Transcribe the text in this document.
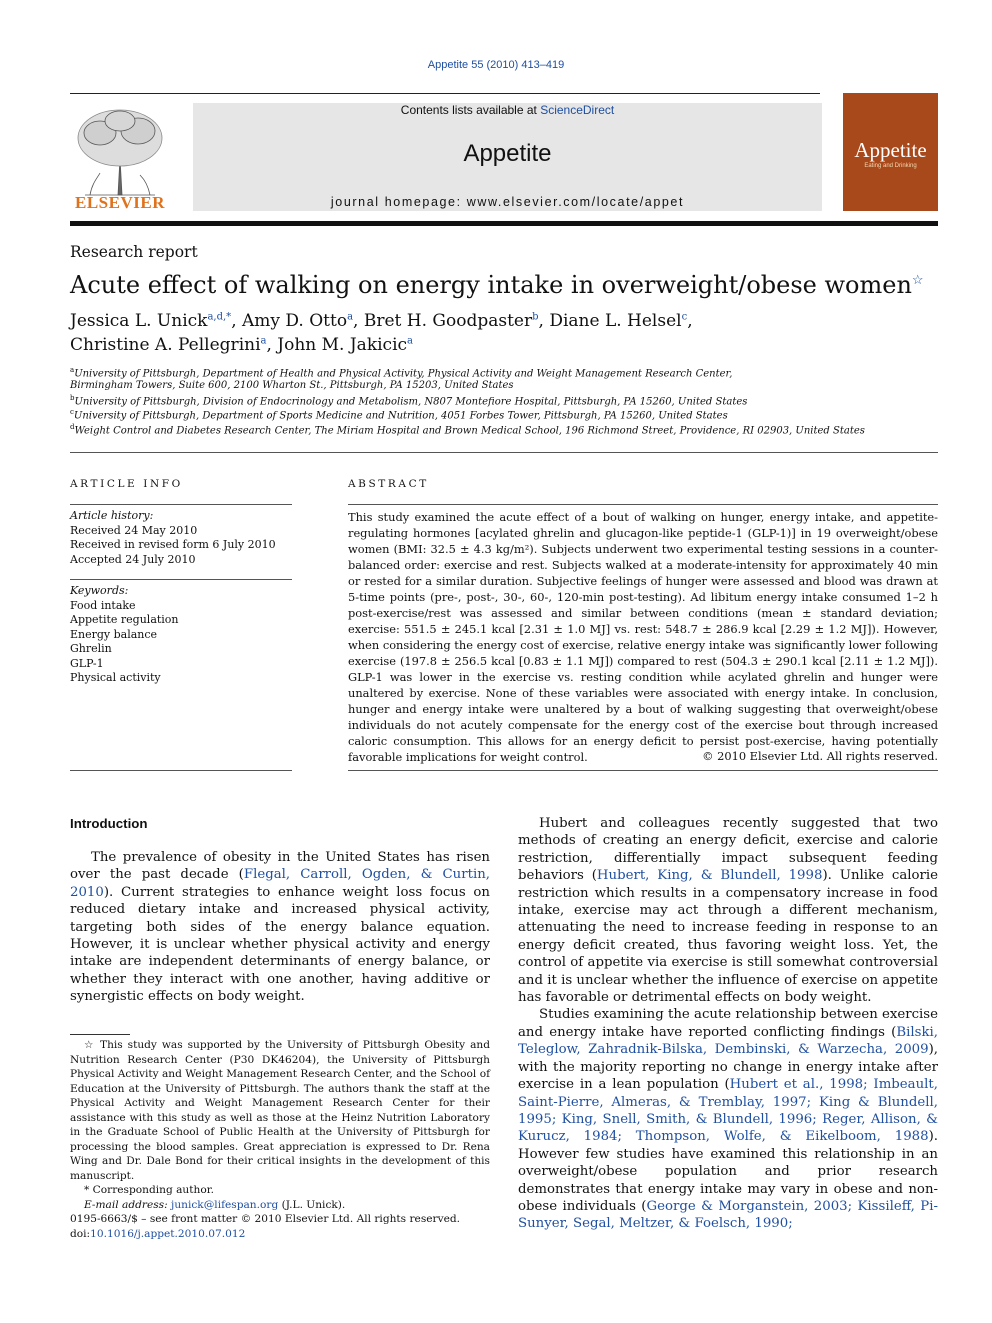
Appetite 55 (2010) 413–419
Contents lists available at ScienceDirect
Appetite
journal homepage: www.elsevier.com/locate/appet
ELSEVIER
Appetite
Eating and Drinking
Research report
Acute effect of walking on energy intake in overweight/obese women☆
Jessica L. Unick$^{a,d,*}$, Amy D. Otto$^a$, Bret H. Goodpaster$^b$, Diane L. Helsel$^c$,
Christine A. Pellegrini$^a$, John M. Jakicic$^a$
$^a$University of Pittsburgh, Department of Health and Physical Activity, Physical Activity and Weight Management Research Center,
Birmingham Towers, Suite 600, 2100 Wharton St., Pittsburgh, PA 15203, United States
$^b$University of Pittsburgh, Division of Endocrinology and Metabolism, N807 Montefiore Hospital, Pittsburgh, PA 15260, United States
$^c$University of Pittsburgh, Department of Sports Medicine and Nutrition, 4051 Forbes Tower, Pittsburgh, PA 15260, United States
$^d$Weight Control and Diabetes Research Center, The Miriam Hospital and Brown Medical School, 196 Richmond Street, Providence, RI 02903, United States
ARTICLE INFO
Article history:
Received 24 May 2010
Received in revised form 6 July 2010
Accepted 24 July 2010
Keywords:
Food intake
Appetite regulation
Energy balance
Ghrelin
GLP-1
Physical activity
ABSTRACT
This study examined the acute effect of a bout of walking on hunger, energy intake, and appetite-regulating hormones [acylated ghrelin and glucagon-like peptide-1 (GLP-1)] in 19 overweight/obese women (BMI: 32.5 ± 4.3 kg/m²). Subjects underwent two experimental testing sessions in a counter-balanced order: exercise and rest. Subjects walked at a moderate-intensity for approximately 40 min or rested for a similar duration. Subjective feelings of hunger were assessed and blood was drawn at 5-time points (pre-, post-, 30-, 60-, 120-min post-testing). Ad libitum energy intake consumed 1–2 h post-exercise/rest was assessed and similar between conditions (mean ± standard deviation; exercise: 551.5 ± 245.1 kcal [2.31 ± 1.0 MJ] vs. rest: 548.7 ± 286.9 kcal [2.29 ± 1.2 MJ]). However, when considering the energy cost of exercise, relative energy intake was significantly lower following exercise (197.8 ± 256.5 kcal [0.83 ± 1.1 MJ]) compared to rest (504.3 ± 290.1 kcal [2.11 ± 1.2 MJ]). GLP-1 was lower in the exercise vs. resting condition while acylated ghrelin and hunger were unaltered by exercise. None of these variables were associated with energy intake. In conclusion, hunger and energy intake were unaltered by a bout of walking suggesting that overweight/obese individuals do not acutely compensate for the energy cost of the exercise bout through increased caloric consumption. This allows for an energy deficit to persist post-exercise, having potentially favorable implications for weight control.	© 2010 Elsevier Ltd. All rights reserved.
Introduction
The prevalence of obesity in the United States has risen over the past decade (Flegal, Carroll, Ogden, & Curtin, 2010). Current strategies to enhance weight loss focus on reduced dietary intake and increased physical activity, targeting both sides of the energy balance equation. However, it is unclear whether physical activity and energy intake are independent determinants of energy balance, or whether they interact with one another, having additive or synergistic effects on body weight.

Hubert and colleagues recently suggested that two methods of creating an energy deficit, exercise and calorie restriction, differentially impact subsequent feeding behaviors (Hubert, King, & Blundell, 1998). Unlike calorie restriction which results in a compensatory increase in food intake, exercise may act through a different mechanism, attenuating the need to increase feeding in response to an energy deficit created, thus favoring weight loss. Yet, the control of appetite via exercise is still somewhat controversial and it is unclear whether the influence of exercise on appetite has favorable or detrimental effects on body weight.

Studies examining the acute relationship between exercise and energy intake have reported conflicting findings (Bilski, Teleglow, Zahradnik-Bilska, Dembinski, & Warzecha, 2009), with the majority reporting no change in energy intake after exercise in a lean population (Hubert et al., 1998; Imbeault, Saint-Pierre, Almeras, & Tremblay, 1997; King & Blundell, 1995; King, Snell, Smith, & Blundell, 1996; Reger, Allison, & Kurucz, 1984; Thompson, Wolfe, & Eikelboom, 1988). However few studies have examined this relationship in an overweight/obese population and prior research demonstrates that energy intake may vary in obese and non-obese individuals (George & Morganstein, 2003; Kissileff, Pi-Sunyer, Segal, Meltzer, & Foelsch, 1990;

☆ This study was supported by the University of Pittsburgh Obesity and Nutrition Research Center (P30 DK46204), the University of Pittsburgh Physical Activity and Weight Management Research Center, and the School of Education at the University of Pittsburgh. The authors thank the staff at the Physical Activity and Weight Management Research Center for their assistance with this study as well as those at the Heinz Nutrition Laboratory in the Graduate School of Public Health at the University of Pittsburgh for processing the blood samples. Great appreciation is expressed to Dr. Rena Wing and Dr. Dale Bond for their critical insights in the development of this manuscript.

* Corresponding author.

E-mail address: junick@lifespan.org (J.L. Unick).

0195-6663/$ – see front matter © 2010 Elsevier Ltd. All rights reserved.
doi:10.1016/j.appet.2010.07.012
